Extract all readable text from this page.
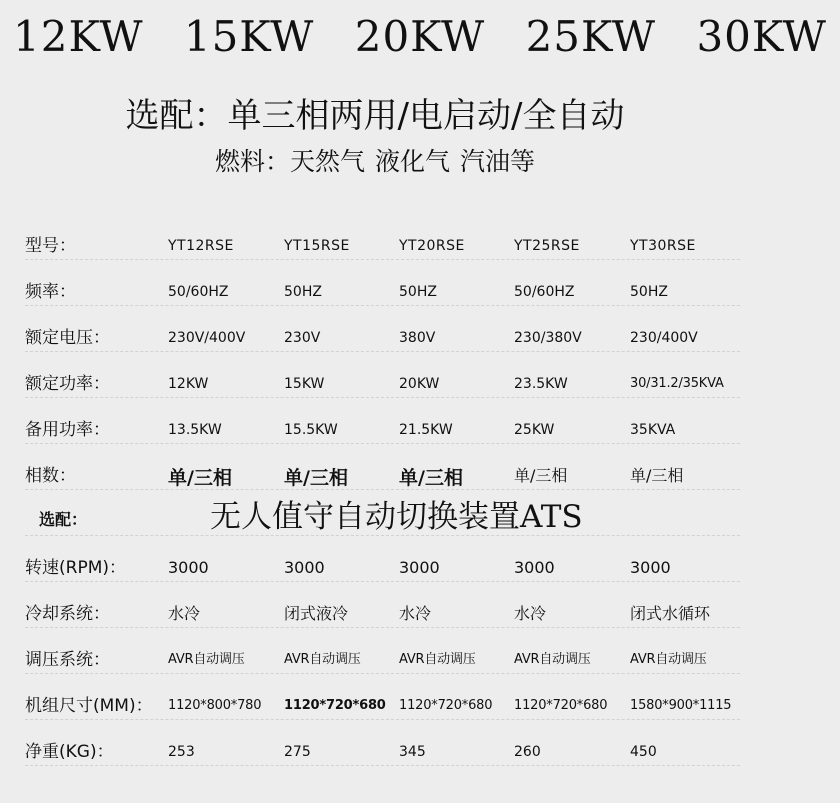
12KW 15KW 20KW 25KW 30KW
选配：单三相两用/电启动/全自动
燃料：天然气 液化气 汽油等
型号：	YT12RSE	YT15RSE	YT20RSE	YT25RSE	YT30RSE
频率：	50/60HZ	50HZ	50HZ	50/60HZ	50HZ
额定电压：	230V/400V	230V	380V	230/380V	230/400V
额定功率：	12KW	15KW	20KW	23.5KW	30/31.2/35KVA
备用功率：	13.5KW	15.5KW	21.5KW	25KW	35KVA
相数：	单/三相	单/三相	单/三相	单/三相	单/三相
选配：	无人值守自动切换装置ATS
转速(RPM)：	3000	3000	3000	3000	3000
冷却系统：	水冷	闭式液冷	水冷	水冷	闭式水循环
调压系统：	AVR自动调压	AVR自动调压	AVR自动调压	AVR自动调压	AVR自动调压
机组尺寸(MM)： 1120*800*780 1120*720*680 1120*720*680 1120*720*680 1580*900*1115
净重(KG)：	253	275	345	260	450
